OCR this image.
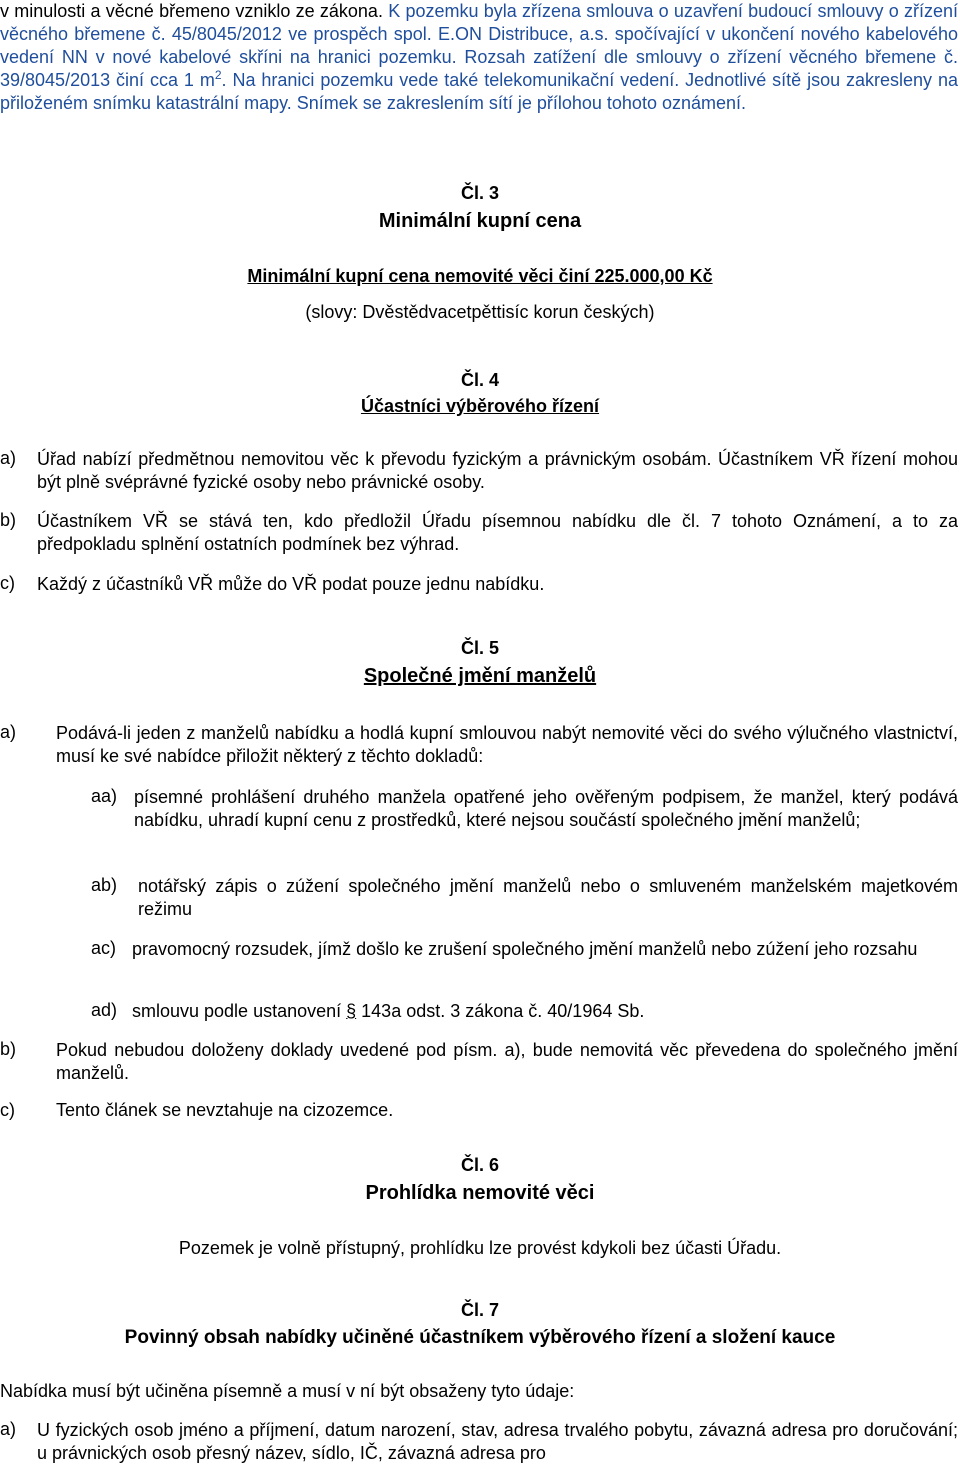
v minulosti a věcné břemeno vzniklo ze zákona. K pozemku byla zřízena smlouva o uzavření budoucí smlouvy o zřízení věcného břemene č. 45/8045/2012 ve prospěch spol. E.ON Distribuce, a.s. spočívající v ukončení nového kabelového vedení NN v nové kabelové skříni na hranici pozemku. Rozsah zatížení dle smlouvy o zřízení věcného břemene č. 39/8045/2013 činí cca 1 $m^2$. Na hranici pozemku vede také telekomunikační vedení. Jednotlivé sítě jsou zakresleny na přiloženém snímku katastrální mapy. Snímek se zakreslením sítí je přílohou tohoto oznámení.

Čl. 3

Minimální kupní cena

Minimální kupní cena nemovité věci činí 225.000,00 Kč

(slovy: Dvěstědvacetpěttisíc korun českých)

Čl. 4

Účastníci výběrového řízení

a) Úřad nabízí předmětnou nemovitou věc k převodu fyzickým a právnickým osobám. Účastníkem VŘ řízení mohou být plně svéprávné fyzické osoby nebo právnické osoby.

b) Účastníkem VŘ se stává ten, kdo předložil Úřadu písemnou nabídku dle čl. 7 tohoto Oznámení, a to za předpokladu splnění ostatních podmínek bez výhrad.

c) Každý z účastníků VŘ může do VŘ podat pouze jednu nabídku.

Čl. 5

Společné jmění manželů

a) Podává-li jeden z manželů nabídku a hodlá kupní smlouvou nabýt nemovité věci do svého výlučného vlastnictví, musí ke své nabídce přiložit některý z těchto dokladů:

aa) písemné prohlášení druhého manžela opatřené jeho ověřeným podpisem, že manžel, který podává nabídku, uhradí kupní cenu z prostředků, které nejsou součástí společného jmění manželů;

ab) notářský zápis o zúžení společného jmění manželů nebo o smluveném manželském majetkovém režimu

ac) pravomocný rozsudek, jímž došlo ke zrušení společného jmění manželů nebo zúžení jeho rozsahu

ad) smlouvu podle ustanovení § 143a odst. 3 zákona č. 40/1964 Sb.

b) Pokud nebudou doloženy doklady uvedené pod písm. a), bude nemovitá věc převedena do společného jmění manželů.

c) Tento článek se nevztahuje na cizozemce.

Čl. 6

Prohlídka nemovité věci

Pozemek je volně přístupný, prohlídku lze provést kdykoli bez účasti Úřadu.

Čl. 7

Povinný obsah nabídky učiněné účastníkem výběrového řízení a složení kauce

Nabídka musí být učiněna písemně a musí v ní být obsaženy tyto údaje:

a) U fyzických osob jméno a příjmení, datum narození, stav, adresa trvalého pobytu, závazná adresa pro doručování; u právnických osob přesný název, sídlo, IČ, závazná adresa pro
